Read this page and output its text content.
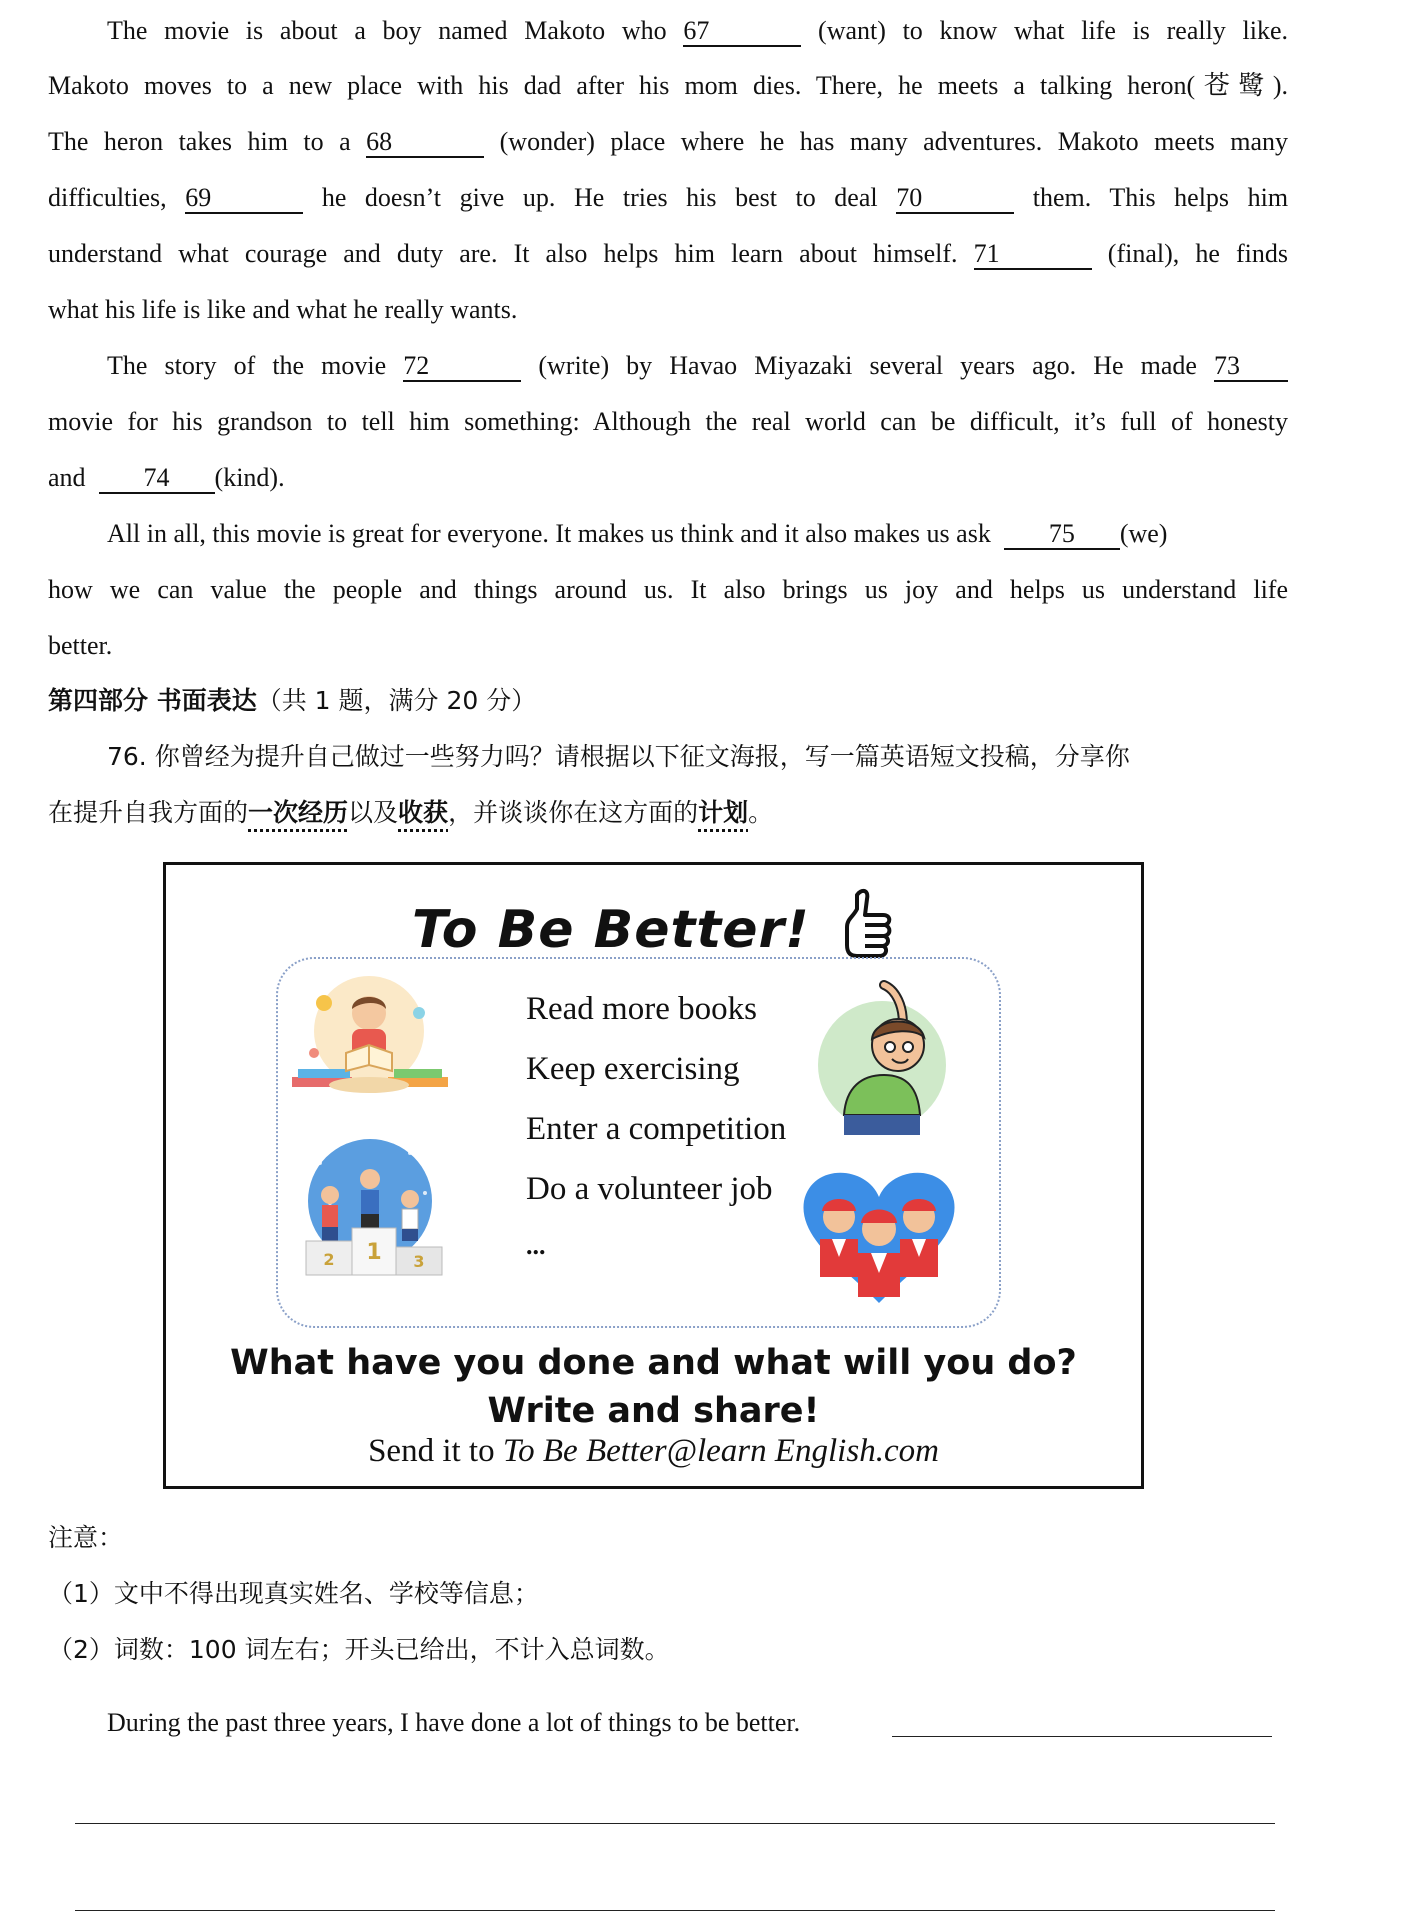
The movie is about a boy named Makoto who 67	(want) to know what life is really like.
Makoto moves to a new place with his dad after his mom dies. There, he meets a talking heron(苍鹭).
The heron takes him to a 68	(wonder) place where he has many adventures. Makoto meets many
difficulties, 69	he doesn’t give up. He tries his best to deal 70	them. This helps him
understand what courage and duty are. It also helps him learn about himself. 71	(final), he finds
what his life is like and what he really wants.
The story of the movie 72	(write) by Havao Miyazaki several years ago. He made 73
movie for his grandson to tell him something: Although the real world can be difficult, it’s full of honesty
and 74 (kind).
All in all, this movie is great for everyone. It makes us think and it also makes us ask 75 (we)
how we can value the people and things around us. It also brings us joy and helps us understand life
better.
第四部分 书面表达（共 1 题，满分 20 分）
76. 你曾经为提升自己做过一些努力吗？请根据以下征文海报，写一篇英语短文投稿，分享你
在提升自我方面的一次经历以及收获，并谈谈你在这方面的计划。
To Be Better!
2 1 3
Read more books
Keep exercising
Enter a competition
Do a volunteer job
...
What have you done and what will you do?
Write and share!
Send it to To Be Better@learn English.com
注意：
（1）文中不得出现真实姓名、学校等信息；
（2）词数：100 词左右；开头已给出，不计入总词数。
During the past three years, I have done a lot of things to be better.
